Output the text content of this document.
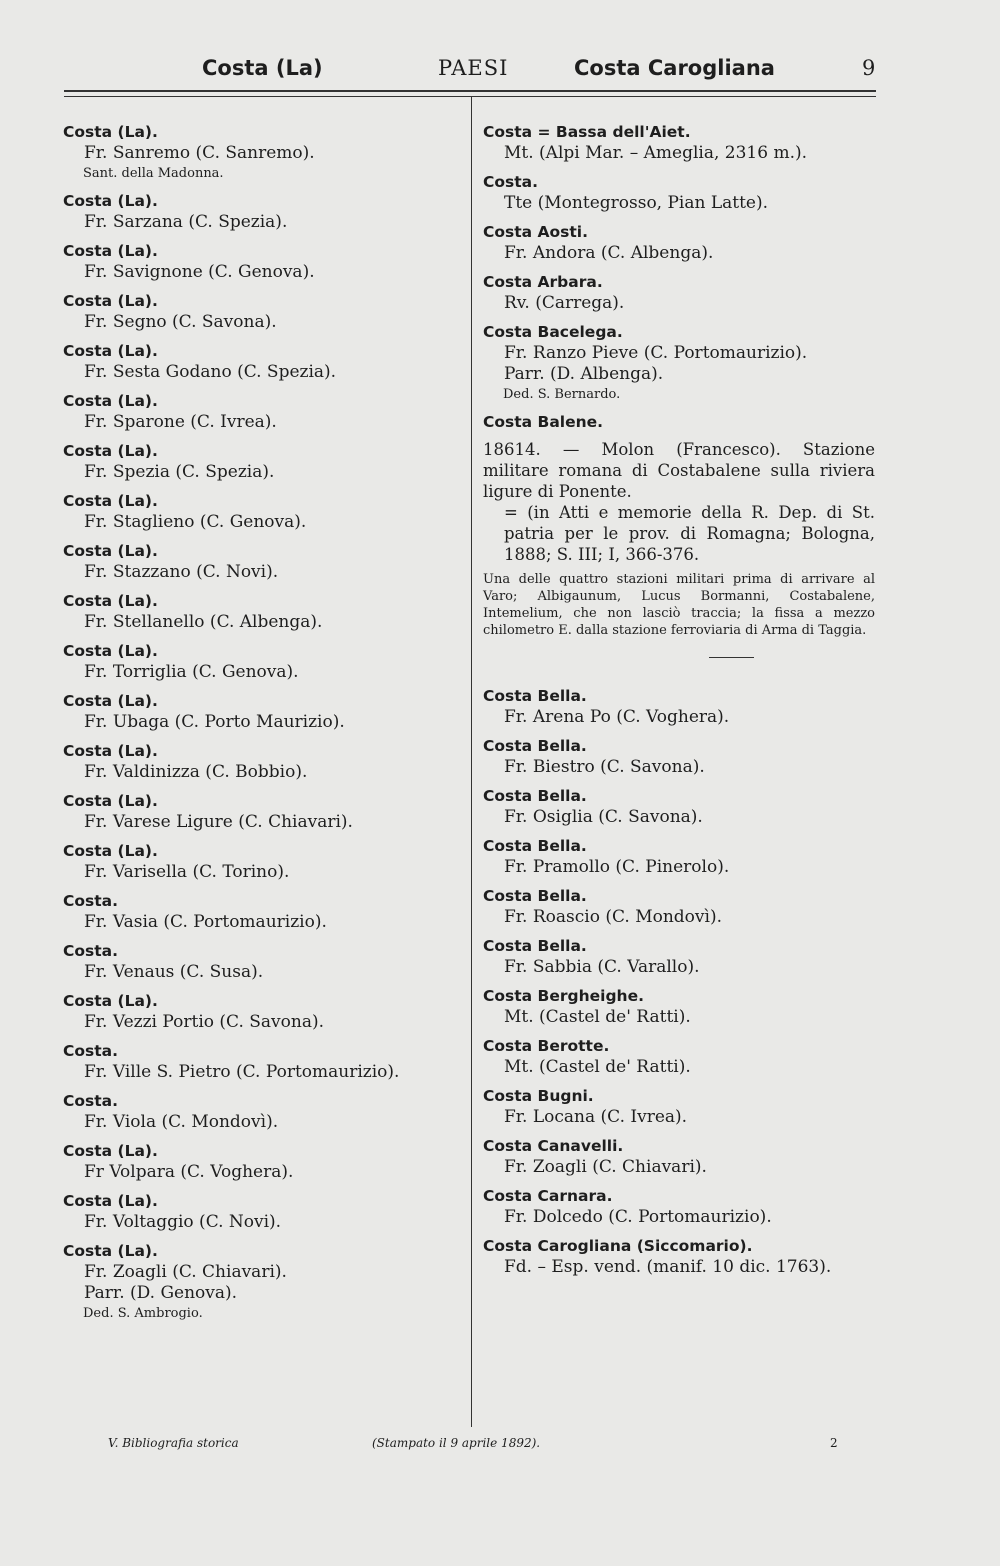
Costa (La)	PAESI	Costa Carogliana	9
Costa (La).
Fr. Sanremo (C. Sanremo).
Sant. della Madonna.
Costa (La).
Fr. Sarzana (C. Spezia).
Costa (La).
Fr. Savignone (C. Genova).
Costa (La).
Fr. Segno (C. Savona).
Costa (La).
Fr. Sesta Godano (C. Spezia).
Costa (La).
Fr. Sparone (C. Ivrea).
Costa (La).
Fr. Spezia (C. Spezia).
Costa (La).
Fr. Staglieno (C. Genova).
Costa (La).
Fr. Stazzano (C. Novi).
Costa (La).
Fr. Stellanello (C. Albenga).
Costa (La).
Fr. Torriglia (C. Genova).
Costa (La).
Fr. Ubaga (C. Porto Maurizio).
Costa (La).
Fr. Valdinizza (C. Bobbio).
Costa (La).
Fr. Varese Ligure (C. Chiavari).
Costa (La).
Fr. Varisella (C. Torino).
Costa.
Fr. Vasia (C. Portomaurizio).
Costa.
Fr. Venaus (C. Susa).
Costa (La).
Fr. Vezzi Portio (C. Savona).
Costa.
Fr. Ville S. Pietro (C. Portomaurizio).
Costa.
Fr. Viola (C. Mondovì).
Costa (La).
Fr Volpara (C. Voghera).
Costa (La).
Fr. Voltaggio (C. Novi).
Costa (La).
Fr. Zoagli (C. Chiavari).
Parr. (D. Genova).
Ded. S. Ambrogio.
Costa = Bassa dell'Aiet.
Mt. (Alpi Mar. – Ameglia, 2316 m.).
Costa.
Tte (Montegrosso, Pian Latte).
Costa Aosti.
Fr. Andora (C. Albenga).
Costa Arbara.
Rv. (Carrega).
Costa Bacelega.
Fr. Ranzo Pieve (C. Portomaurizio).
Parr. (D. Albenga).
Ded. S. Bernardo.
Costa Balene.
18614. — Molon (Francesco). Stazione militare romana di Costabalene sulla riviera ligure di Ponente.
= (in Atti e memorie della R. Dep. di St. patria per le prov. di Romagna; Bologna, 1888; S. III; I, 366-376.
Una delle quattro stazioni militari prima di arrivare al Varo; Albigaunum, Lucus Bormanni, Costabalene, Intemelium, che non lasciò traccia; la fissa a mezzo chilometro E. dalla stazione ferroviaria di Arma di Taggia.
Costa Bella.
Fr. Arena Po (C. Voghera).
Costa Bella.
Fr. Biestro (C. Savona).
Costa Bella.
Fr. Osiglia (C. Savona).
Costa Bella.
Fr. Pramollo (C. Pinerolo).
Costa Bella.
Fr. Roascio (C. Mondovì).
Costa Bella.
Fr. Sabbia (C. Varallo).
Costa Bergheighe.
Mt. (Castel de' Ratti).
Costa Berotte.
Mt. (Castel de' Ratti).
Costa Bugni.
Fr. Locana (C. Ivrea).
Costa Canavelli.
Fr. Zoagli (C. Chiavari).
Costa Carnara.
Fr. Dolcedo (C. Portomaurizio).
Costa Carogliana (Siccomario).
Fd. – Esp. vend. (manif. 10 dic. 1763).
V. Bibliografia storica	(Stampato il 9 aprile 1892).	2
